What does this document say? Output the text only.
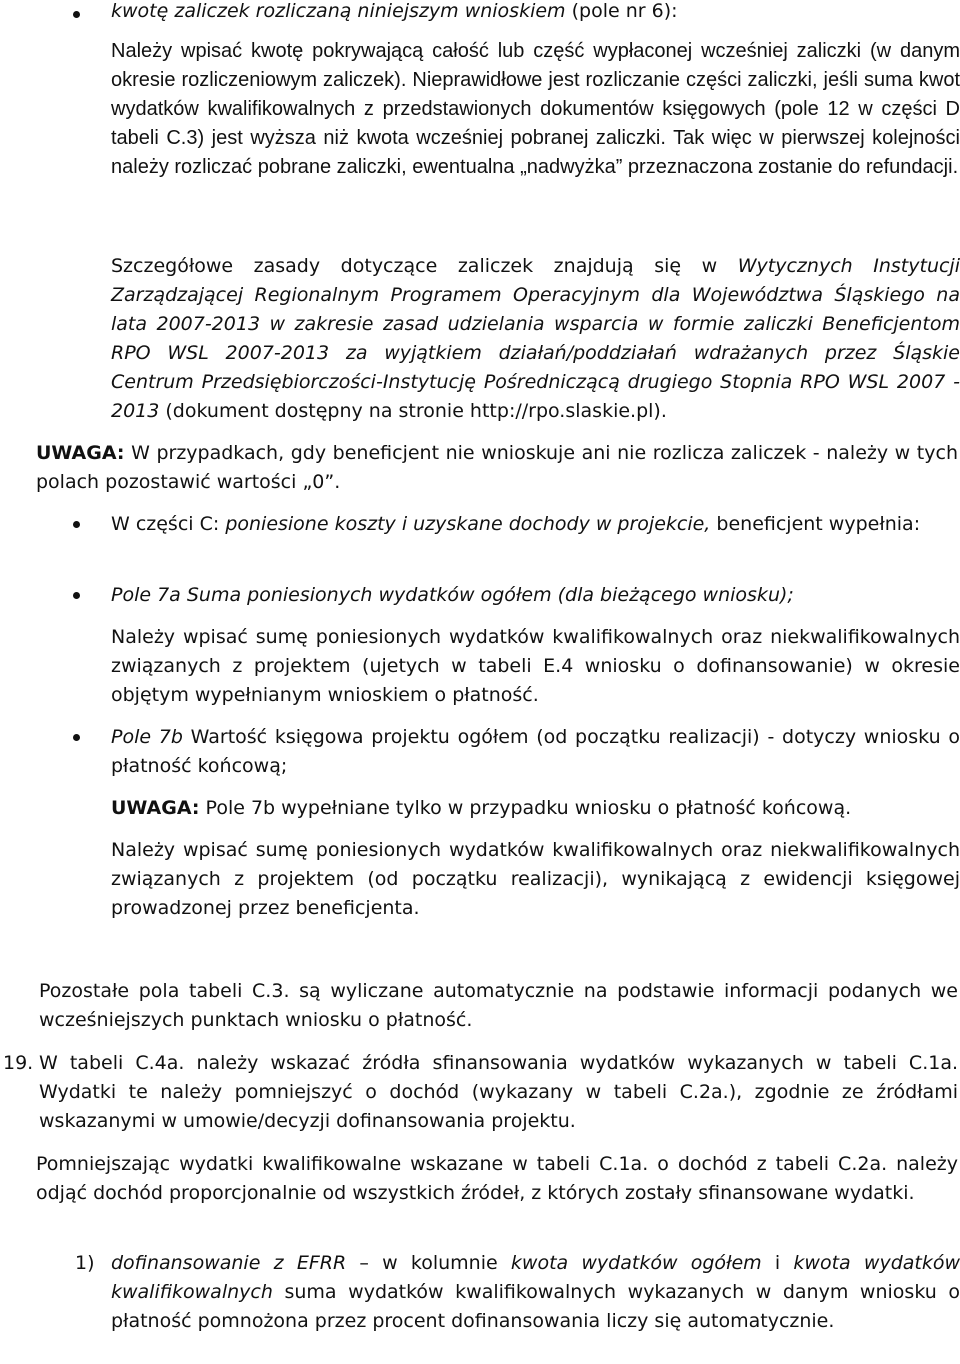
kwotę zaliczek rozliczaną niniejszym wnioskiem (pole nr 6):

Należy wpisać kwotę pokrywającą całość lub część wypłaconej wcześniej zaliczki (w danym okresie rozliczeniowym zaliczek). Nieprawidłowe jest rozliczanie części zaliczki, jeśli suma kwot wydatków kwalifikowalnych z przedstawionych dokumentów księgowych (pole 12 w części D tabeli C.3) jest wyższa niż kwota wcześniej pobranej zaliczki. Tak więc w pierwszej kolejności należy rozliczać pobrane zaliczki, ewentualna „nadwyżka” przeznaczona zostanie do refundacji.

Szczegółowe zasady dotyczące zaliczek znajdują się w Wytycznych Instytucji Zarządzającej Regionalnym Programem Operacyjnym dla Województwa Śląskiego na lata 2007-2013 w zakresie zasad udzielania wsparcia w formie zaliczki Beneficjentom RPO WSL 2007-2013 za wyjątkiem działań/poddziałań wdrażanych przez Śląskie Centrum Przedsiębiorczości-Instytucję Pośredniczącą drugiego Stopnia RPO WSL 2007 - 2013 (dokument dostępny na stronie http://rpo.slaskie.pl).

UWAGA: W przypadkach, gdy beneficjent nie wnioskuje ani nie rozlicza zaliczek - należy w tych polach pozostawić wartości „0”.

W części C: poniesione koszty i uzyskane dochody w projekcie, beneficjent wypełnia:

Pole 7a Suma poniesionych wydatków ogółem (dla bieżącego wniosku);

Należy wpisać sumę poniesionych wydatków kwalifikowalnych oraz niekwalifikowalnych związanych z projektem (ujetych w tabeli E.4 wniosku o dofinansowanie) w okresie objętym wypełnianym wnioskiem o płatność.

Pole 7b Wartość księgowa projektu ogółem (od początku realizacji) - dotyczy wniosku o płatność końcową;

UWAGA: Pole 7b wypełniane tylko w przypadku wniosku o płatność końcową.

Należy wpisać sumę poniesionych wydatków kwalifikowalnych oraz niekwalifikowalnych związanych z projektem (od początku realizacji), wynikającą z ewidencji księgowej prowadzonej przez beneficjenta.

Pozostałe pola tabeli C.3. są wyliczane automatycznie na podstawie informacji podanych we wcześniejszych punktach wniosku o płatność.

19. W tabeli C.4a. należy wskazać źródła sfinansowania wydatków wykazanych w tabeli C.1a. Wydatki te należy pomniejszyć o dochód (wykazany w tabeli C.2a.), zgodnie ze źródłami wskazanymi w umowie/decyzji dofinansowania projektu.

Pomniejszając wydatki kwalifikowalne wskazane w tabeli C.1a. o dochód z tabeli C.2a. należy odjąć dochód proporcjonalnie od wszystkich źródeł, z których zostały sfinansowane wydatki.

1) dofinansowanie z EFRR – w kolumnie kwota wydatków ogółem i kwota wydatków kwalifikowalnych suma wydatków kwalifikowalnych wykazanych w danym wniosku o płatność pomnożona przez procent dofinansowania liczy się automatycznie.
